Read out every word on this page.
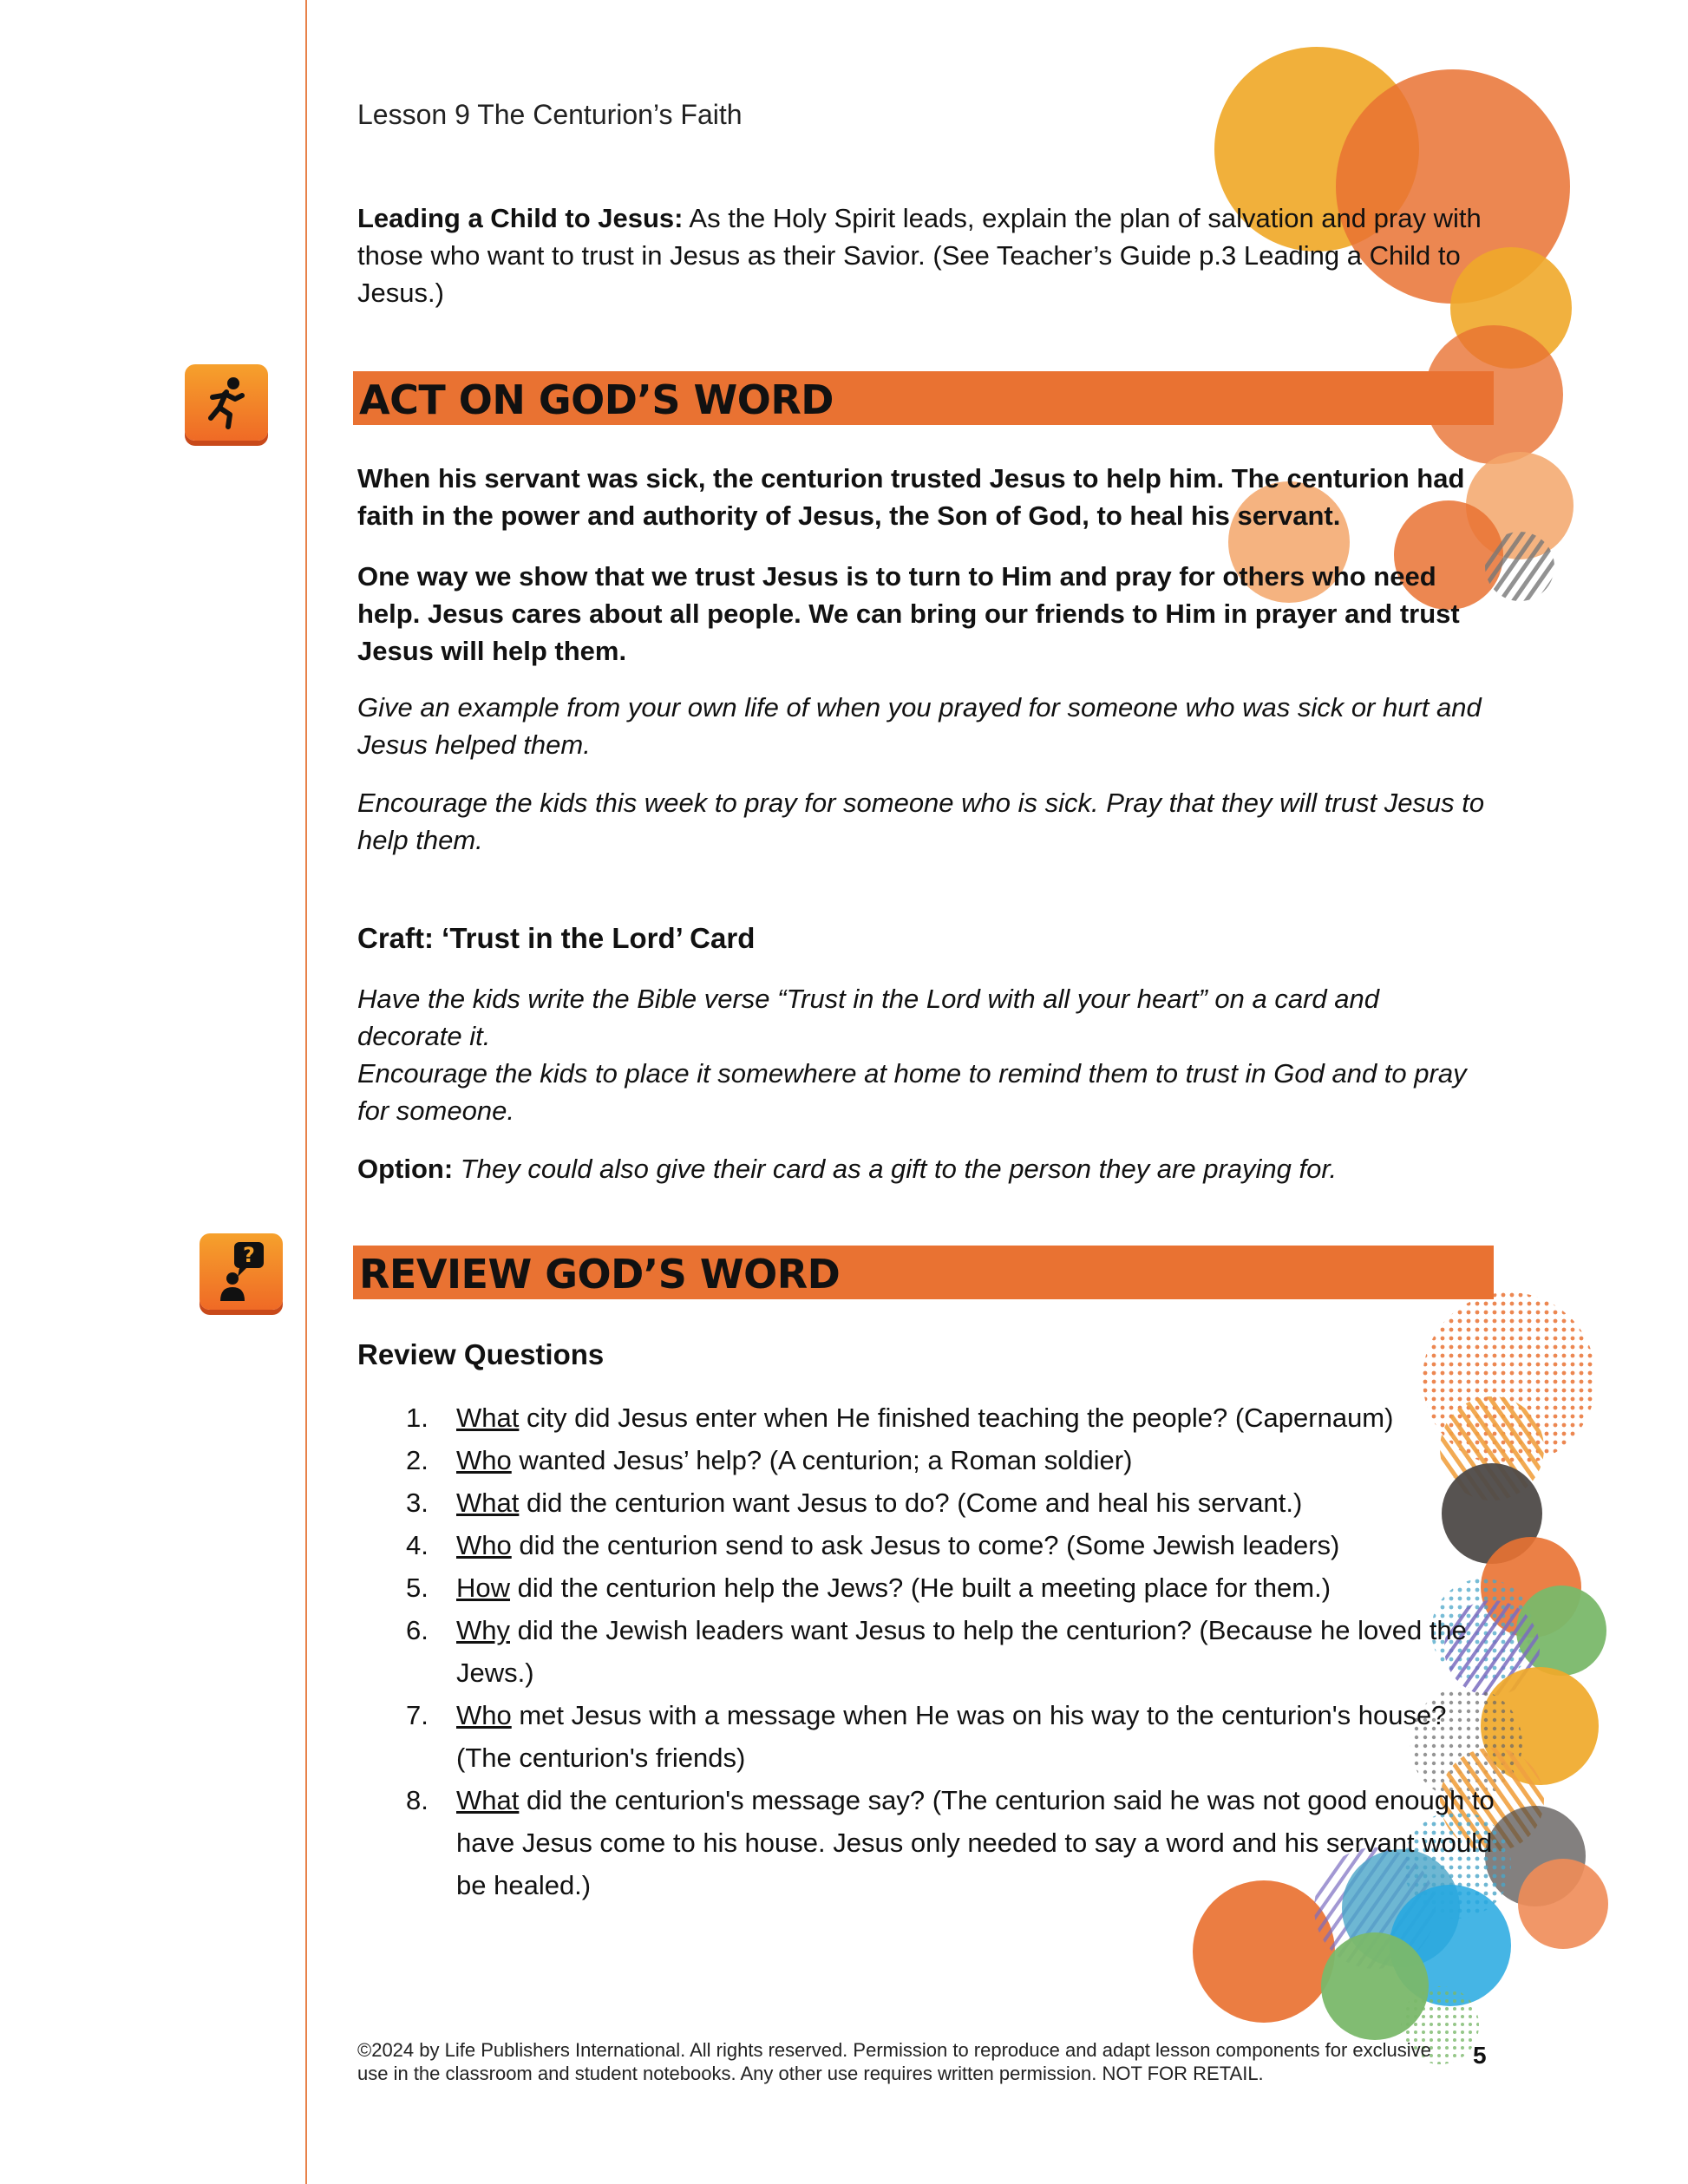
Lesson 9 The Centurion’s Faith
Leading a Child to Jesus: As the Holy Spirit leads, explain the plan of salvation and pray with those who want to trust in Jesus as their Savior. (See Teacher’s Guide p.3 Leading a Child to Jesus.)
ACT ON GOD’S WORD
When his servant was sick, the centurion trusted Jesus to help him. The centurion had faith in the power and authority of Jesus, the Son of God, to heal his servant.
One way we show that we trust Jesus is to turn to Him and pray for others who need help. Jesus cares about all people. We can bring our friends to Him in prayer and trust Jesus will help them.
Give an example from your own life of when you prayed for someone who was sick or hurt and Jesus helped them.
Encourage the kids this week to pray for someone who is sick. Pray that they will trust Jesus to help them.
Craft: ‘Trust in the Lord’ Card
Have the kids write the Bible verse “Trust in the Lord with all your heart” on a card and decorate it.
Encourage the kids to place it somewhere at home to remind them to trust in God and to pray for someone.
Option: They could also give their card as a gift to the person they are praying for.
?	REVIEW GOD’S WORD
Review Questions
1.	What city did Jesus enter when He finished teaching the people? (Capernaum)
2.	Who wanted Jesus’ help? (A centurion; a Roman soldier)
3.	What did the centurion want Jesus to do? (Come and heal his servant.)
4.	Who did the centurion send to ask Jesus to come? (Some Jewish leaders)
5.	How did the centurion help the Jews? (He built a meeting place for them.)
6.	Why did the Jewish leaders want Jesus to help the centurion? (Because he loved the Jews.)
7.	Who met Jesus with a message when He was on his way to the centurion's house? (The centurion's friends)
8.	What did the centurion's message say? (The centurion said he was not good enough to have Jesus come to his house. Jesus only needed to say a word and his servant would be healed.)
©2024 by Life Publishers International. All rights reserved. Permission to reproduce and adapt lesson components for exclusive use in the classroom and student notebooks. Any other use requires written permission. NOT FOR RETAIL.
5
